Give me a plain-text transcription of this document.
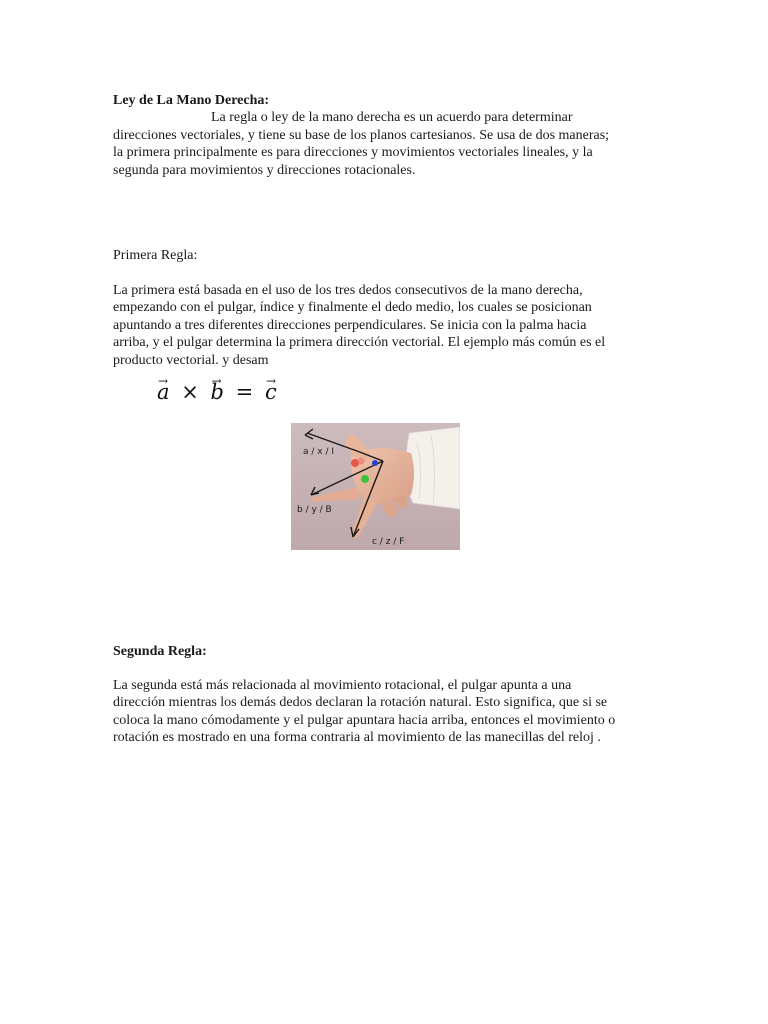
Ley de La Mano Derecha:
La regla o ley de la mano derecha es un acuerdo para determinar
direcciones vectoriales, y tiene su base de los planos cartesianos. Se usa de dos maneras;
la primera principalmente es para direcciones y movimientos vectoriales lineales, y la
segunda para movimientos y direcciones rotacionales.
Primera Regla:
La primera está basada en el uso de los tres dedos consecutivos de la mano derecha,
empezando con el pulgar, índice y finalmente el dedo medio, los cuales se posicionan
apuntando a tres diferentes direcciones perpendiculares. Se inicia con la palma hacia
arriba, y el pulgar determina la primera dirección vectorial. El ejemplo más común es el
producto vectorial. y desam
→ a × → b = → c
a / x / I
b / y / B
c / z / F
Segunda Regla:
La segunda está más relacionada al movimiento rotacional, el pulgar apunta a una
dirección mientras los demás dedos declaran la rotación natural. Esto significa, que si se
coloca la mano cómodamente y el pulgar apuntara hacia arriba, entonces el movimiento o
rotación es mostrado en una forma contraria al movimiento de las manecillas del reloj .
